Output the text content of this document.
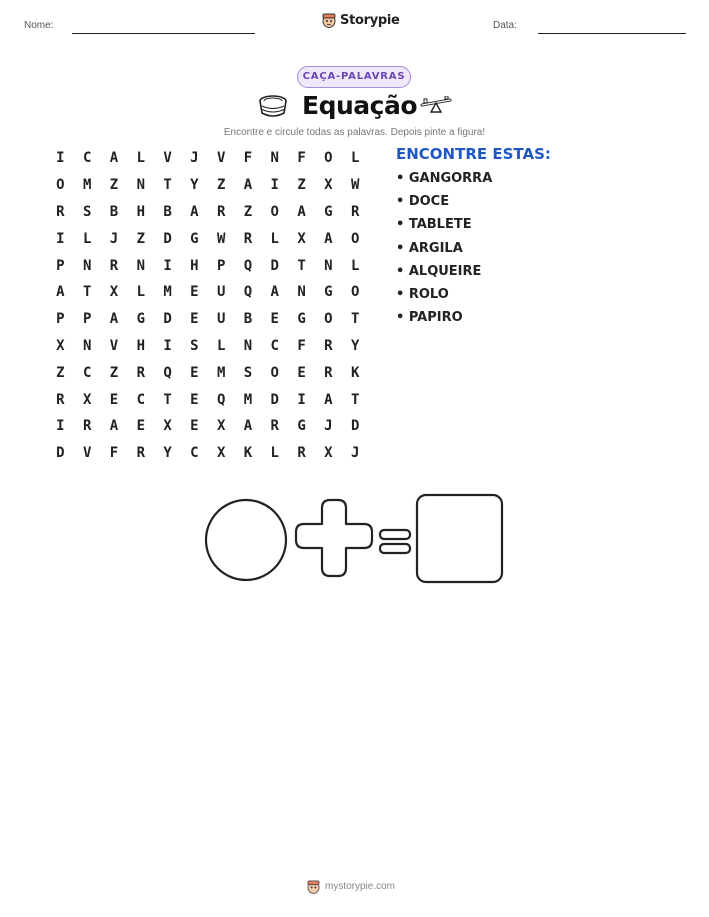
Nome:	Storypie	Data:
CAÇA-PALAVRAS
Equação
Encontre e circule todas as palavras. Depois pinte a figura!
I	C	A	L	V	J	V	F	N	F	O	L
O	M	Z	N	T	Y	Z	A	I	Z	X	W
R	S	B	H	B	A	R	Z	O	A	G	R
I	L	J	Z	D	G	W	R	L	X	A	O
P	N	R	N	I	H	P	Q	D	T	N	L
A	T	X	L	M	E	U	Q	A	N	G	O
P	P	A	G	D	E	U	B	E	G	O	T
X	N	V	H	I	S	L	N	C	F	R	Y
Z	C	Z	R	Q	E	M	S	O	E	R	K
R	X	E	C	T	E	Q	M	D	I	A	T
I	R	A	E	X	E	X	A	R	G	J	D
D	V	F	R	Y	C	X	K	L	R	X	J
ENCONTRE ESTAS:
• GANGORRA
• DOCE
• TABLETE
• ARGILA
• ALQUEIRE
• ROLO
• PAPIRO
mystorypie.com
